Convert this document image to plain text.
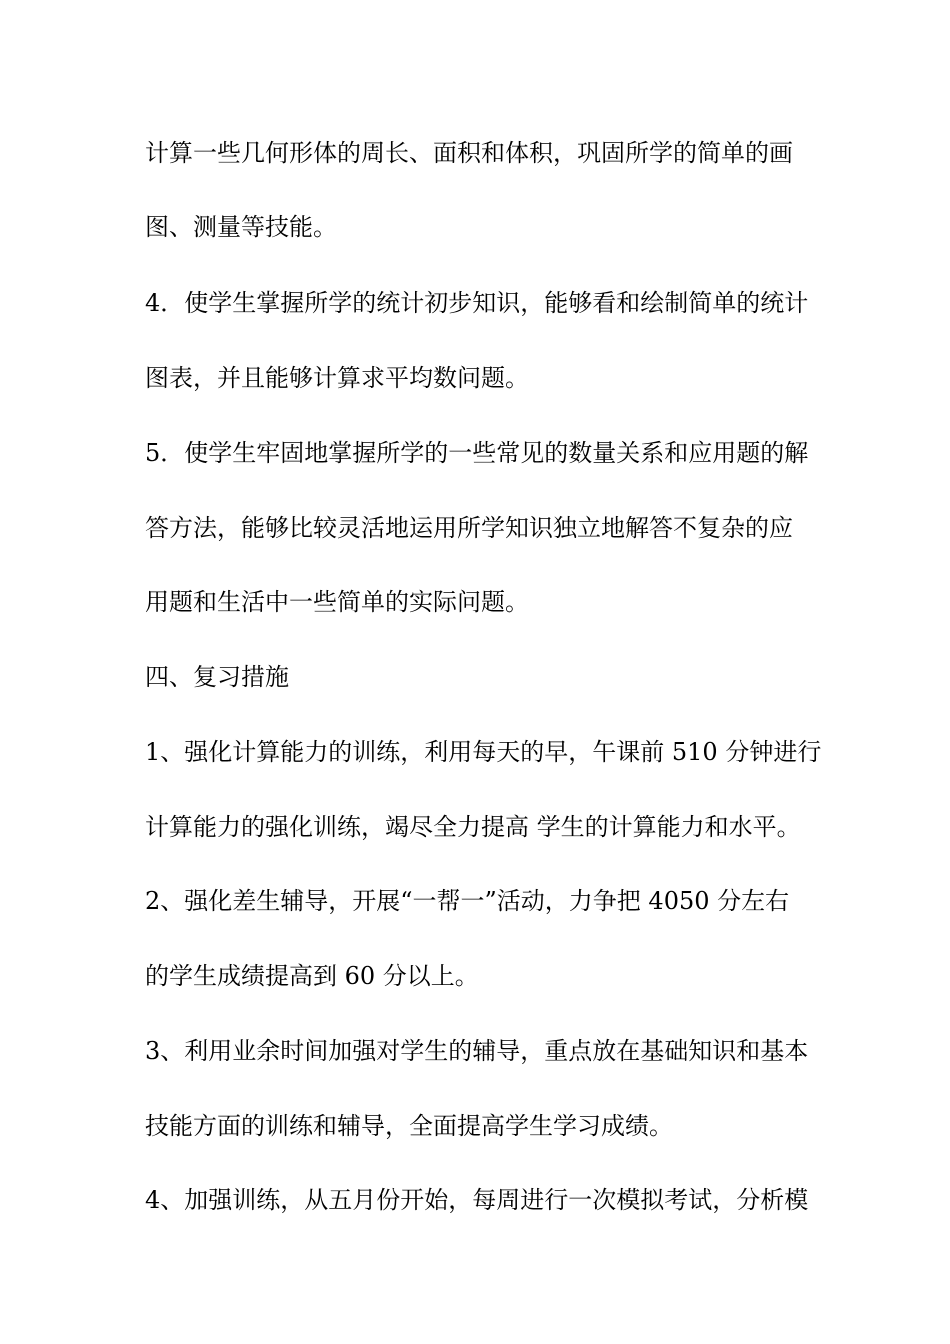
计算一些几何形体的周长、面积和体积，巩固所学的简单的画
图、测量等技能。
4．使学生掌握所学的统计初步知识，能够看和绘制简单的统计
图表，并且能够计算求平均数问题。
5．使学生牢固地掌握所学的一些常见的数量关系和应用题的解
答方法，能够比较灵活地运用所学知识独立地解答不复杂的应
用题和生活中一些简单的实际问题。
四、复习措施
1、强化计算能力的训练，利用每天的早，午课前 510 分钟进行
计算能力的强化训练，竭尽全力提高 学生的计算能力和水平。
2、强化差生辅导，开展“一帮一”活动，力争把 4050 分左右
的学生成绩提高到 60 分以上。
3、利用业余时间加强对学生的辅导，重点放在基础知识和基本
技能方面的训练和辅导，全面提高学生学习成绩。
4、加强训练，从五月份开始，每周进行一次模拟考试，分析模
